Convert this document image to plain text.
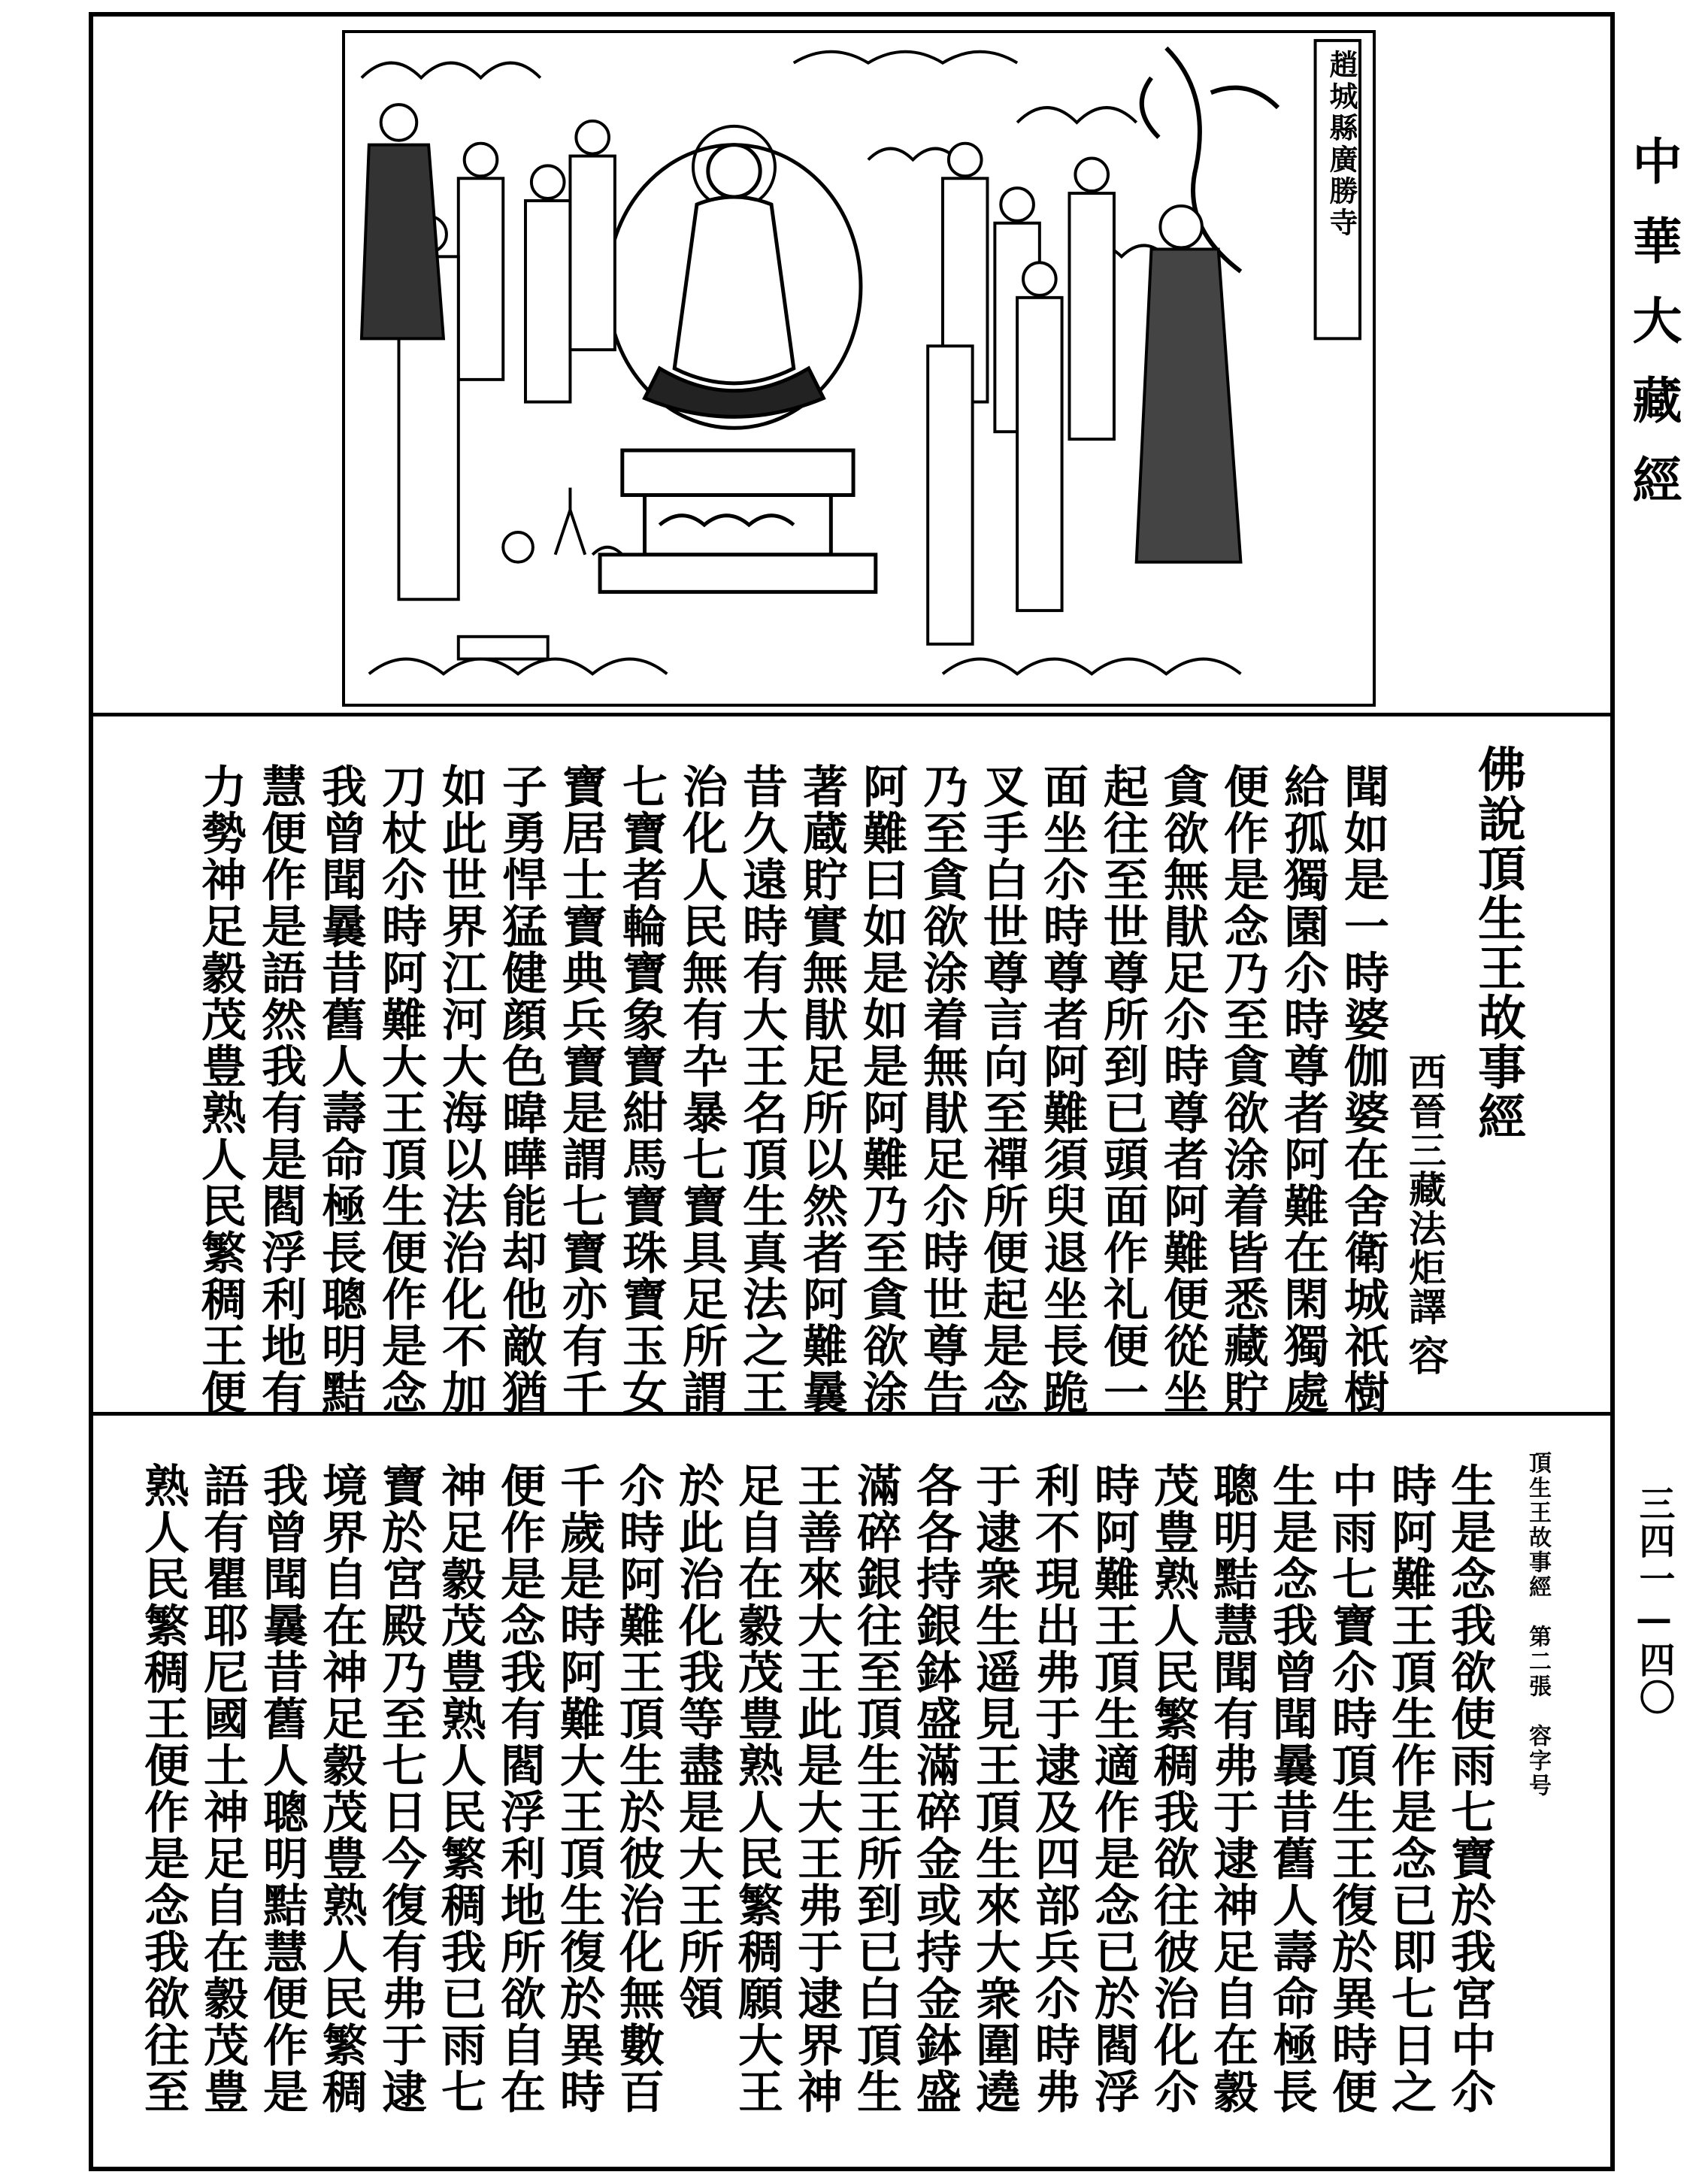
趙城縣廣勝寺	中華大藏經
三四一—四〇
佛說頂生王故事經
西晉三藏法炬譯
容
聞如是一時婆伽婆在舍衛城祇樹
給孤獨園尒時尊者阿難在閑獨處
便作是念乃至貪欲涂着皆悉藏貯
貪欲無猒足尒時尊者阿難便從坐
起往至世尊所到已頭面作礼便一
面坐尒時尊者阿難須臾退坐長跪
叉手白世尊言向至禪所便起是念
乃至貪欲涂着無猒足尒時世尊告
阿難曰如是如是阿難乃至貪欲涂
著蔵貯實無猒足所以然者阿難曩
昔久遠時有大王名頂生真法之王
治化人民無有卆暴七寶具足所謂
七寶者輪寶象寶紺馬寶珠寶玉女
寶居士寶典兵寶是謂七寶亦有千
子勇悍猛健顔色暐曄能却他敵猶
如此世界江河大海以法治化不加
刀杖尒時阿難大王頂生便作是念
我曾聞曩昔舊人壽命極長聰明黠
慧便作是語然我有是閻浮利地有
力勢神足豰茂豊熟人民繁稠王便
頂生王故事經　第二張　容字号
生是念我欲使雨七寶於我宮中尒
時阿難王頂生作是念已即七日之
中雨七寶尒時頂生王復於異時便
生是念我曾聞曩昔舊人壽命極長
聰明黠慧聞有弗于逮神足自在豰
茂豊熟人民繁稠我欲往彼治化尒
時阿難王頂生適作是念已於閻浮
利不現出弗于逮及四部兵尒時弗
于逮衆生遥見王頂生來大衆圍遶
各各持銀鉢盛滿碎金或持金鉢盛
滿碎銀往至頂生王所到已白頂生
王善來大王此是大王弗于逮界神
足自在豰茂豊熟人民繁稠願大王
於此治化我等盡是大王所領
尒時阿難王頂生於彼治化無數百
千歲是時阿難大王頂生復於異時
便作是念我有閻浮利地所欲自在
神足豰茂豊熟人民繁稠我已雨七
寶於宮殿乃至七日今復有弗于逮
境界自在神足豰茂豊熟人民繁稠
我曾聞曩昔舊人聰明黠慧便作是
語有瞿耶尼國土神足自在豰茂豊
熟人民繁稠王便作是念我欲往至
